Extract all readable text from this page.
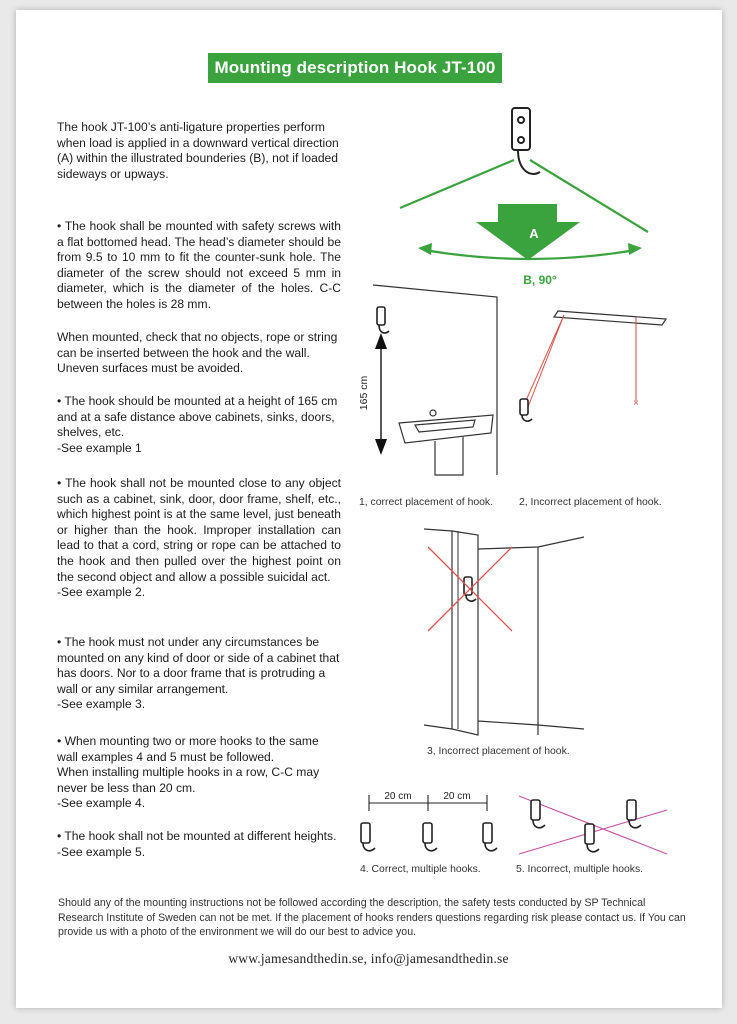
Mounting description Hook JT-100

The hook JT-100’s anti-ligature properties perform when load is applied in a downward vertical direction (A) within the illustrated bounderies (B), not if loaded sideways or upways.

• The hook shall be mounted with safety screws with a flat bottomed head. The head’s diameter should be from 9.5 to 10 mm to fit the counter-sunk hole. The diameter of the screw should not exceed 5 mm in diameter, which is the diameter of the holes. C-C between the holes is 28 mm.

When mounted, check that no objects, rope or string can be inserted between the hook and the wall. Uneven surfaces must be avoided.

• The hook should be mounted at a height of 165 cm and at a safe distance above cabinets, sinks, doors, shelves, etc.

-See example 1

• The hook shall not be mounted close to any object such as a cabinet, sink, door, door frame, shelf, etc., which highest point is at the same level, just beneath or higher than the hook. Improper installation can lead to that a cord, string or rope can be attached to the hook and then pulled over the highest point on the second object and allow a possible suicidal act.

-See example 2.

• The hook must not under any circumstances be mounted on any kind of door or side of a cabinet that has doors. Nor to a door frame that is protruding a wall or any similar arrangement.

-See example 3.

• When mounting two or more hooks to the same wall examples 4 and 5 must be followed.

When installing multiple hooks in a row, C-C may never be less than 20 cm.

-See example 4.

• The hook shall not be mounted at different heights.

-See example 5.

A
B, 90°
165 cm	×
1, correct placement of hook.	2, Incorrect placement of hook.
3, Incorrect placement of hook.
20 cm	20 cm
4. Correct, multiple hooks.	5. Incorrect, multiple hooks.
Should any of the mounting instructions not be followed according the description, the safety tests conducted by SP Technical Research Institute of Sweden can not be met. If the placement of hooks renders questions regarding risk please contact us. If You can provide us with a photo of the environment we will do our best to advice you.
www.jamesandthedin.se, info@jamesandthedin.se
